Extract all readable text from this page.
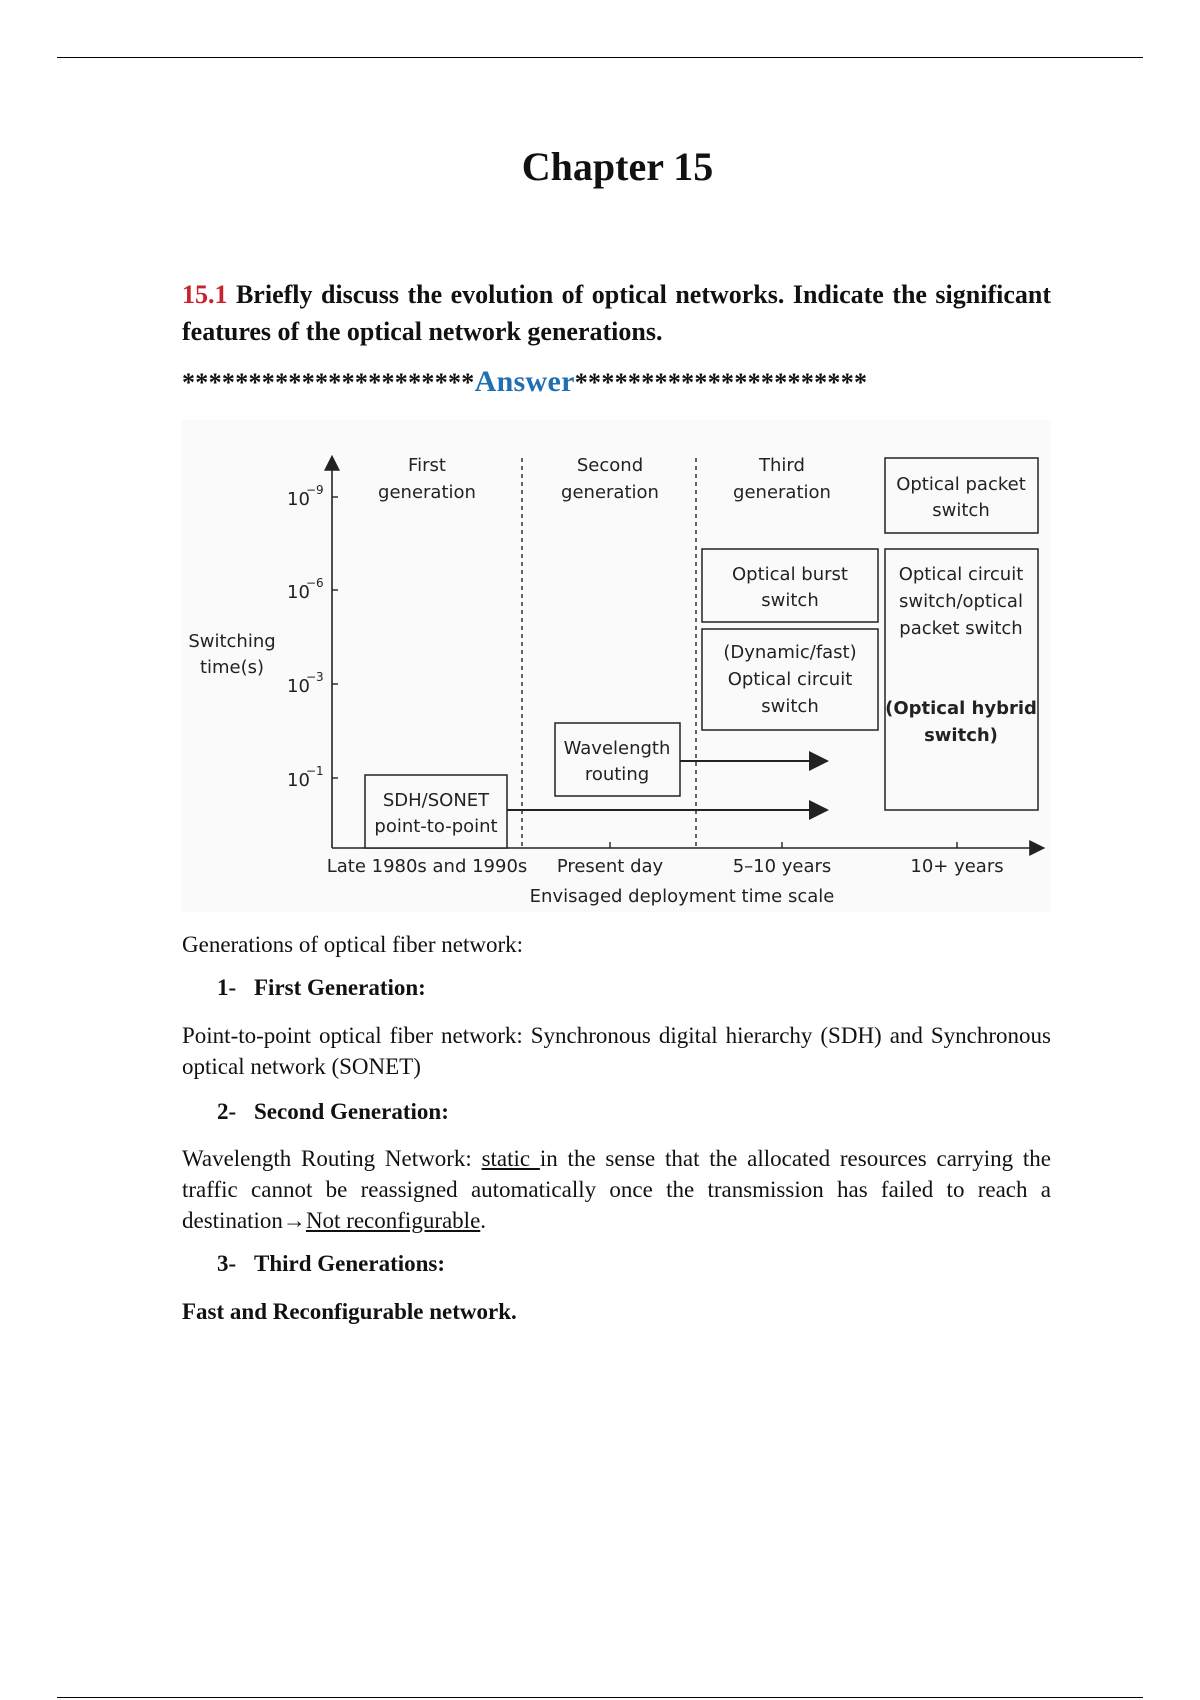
Chapter 15
15.1 Briefly discuss the evolution of optical networks. Indicate the significant features of the optical network generations.
**********************Answer**********************
Switching
time(s)
10
−9
10
−6
10
−3
10
−1
First
generation
Second
generation
Third
generation
SDH/SONET
point-to-point
Wavelength
routing
Optical burst
switch
(Dynamic/fast)
Optical circuit
switch
Optical packet
switch
Optical circuit
switch/optical
packet switch
(Optical hybrid
switch)
Late 1980s and 1990s Present day	5–10 years	10+ years
Envisaged deployment time scale
Generations of optical fiber network:
1- First Generation:
Point-to-point optical fiber network: Synchronous digital hierarchy (SDH) and Synchronous optical network (SONET)
2- Second Generation:
Wavelength Routing Network: static in the sense that the allocated resources carrying the traffic cannot be reassigned automatically once the transmission has failed to reach a destination→Not reconfigurable.
3- Third Generations:
Fast and Reconfigurable network.
